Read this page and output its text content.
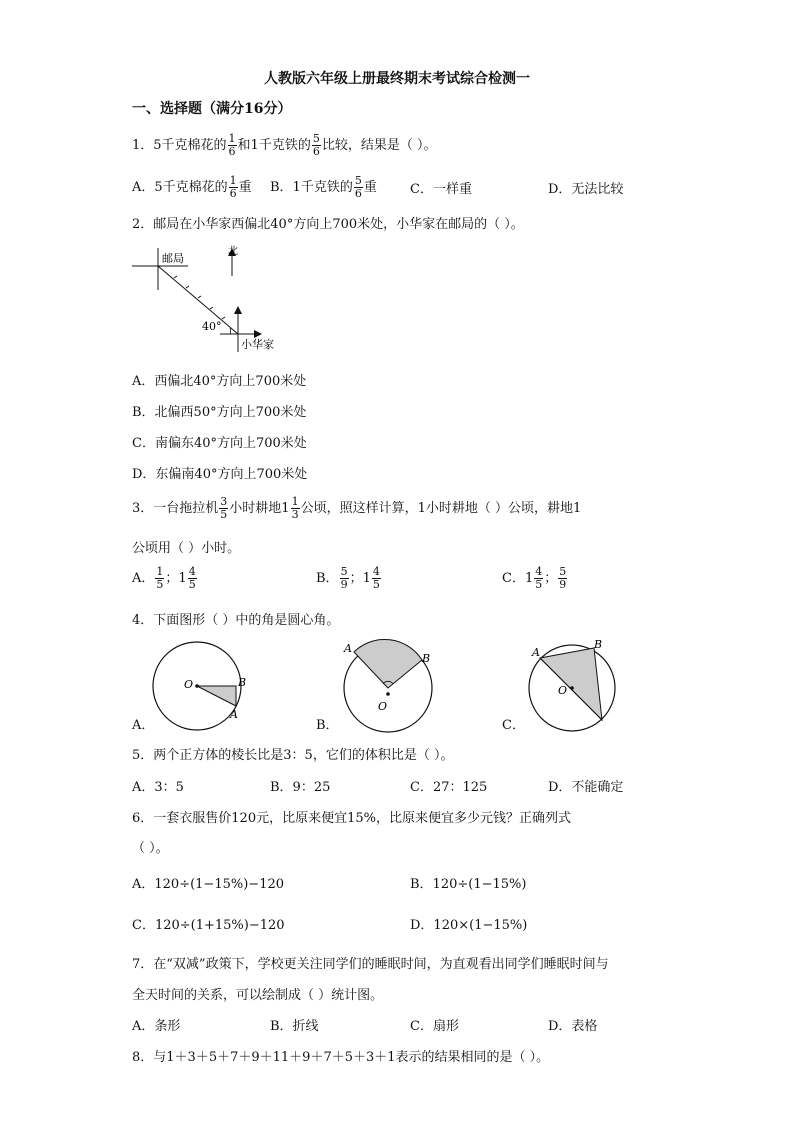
人教版六年级上册最终期末考试综合检测一
一、选择题（满分16分）
1．5千克棉花的 $\frac{1}{6}$ 和1千克铁的 $\frac{5}{6}$ 比较，结果是（ ）。
A．5千克棉花的 $\frac{1}{6}$ 重 B．1千克铁的 $\frac{5}{6}$ 重	C．一样重	D．无法比较
2．邮局在小华家西偏北40°方向上700米处，小华家在邮局的（ ）。
邮局
北
40°
小华家
A．西偏北40°方向上700米处
B．北偏西50°方向上700米处
C．南偏东40°方向上700米处
D．东偏南40°方向上700米处
3．一台拖拉机 $\frac{3}{5}$ 小时耕地$1 \frac{1}{3}$ 公顷，照这样计算，1小时耕地（ ）公顷，耕地1
公顷用（ ）小时。
A． $\frac{1}{5}$ ；$1 \frac{4}{5}$	B． $\frac{5}{9}$ ；$1 \frac{4}{5}$	C．$1 \frac{4}{5}$ ； $\frac{5}{9}$
4．下面图形（ ）中的角是圆心角。
A．
O	B
A
B．
O
A
B
C．
O
A
B
5．两个正方体的棱长比是3：5，它们的体积比是（ ）。
A．3：5	B．9：25	C．27：125	D．不能确定
6．一套衣服售价120元，比原来便宜15%，比原来便宜多少元钱？正确列式
（ ）。
A．120÷(1−15%)−120	B．120÷(1−15%)
C．120÷(1+15%)−120	D．120×(1−15%)
7．在“双减”政策下，学校更关注同学们的睡眠时间，为直观看出同学们睡眠时间与
全天时间的关系，可以绘制成（ ）统计图。
A．条形	B．折线	C．扇形	D．表格
8．与1＋3＋5＋7＋9＋11＋9＋7＋5＋3＋1表示的结果相同的是（ ）。
